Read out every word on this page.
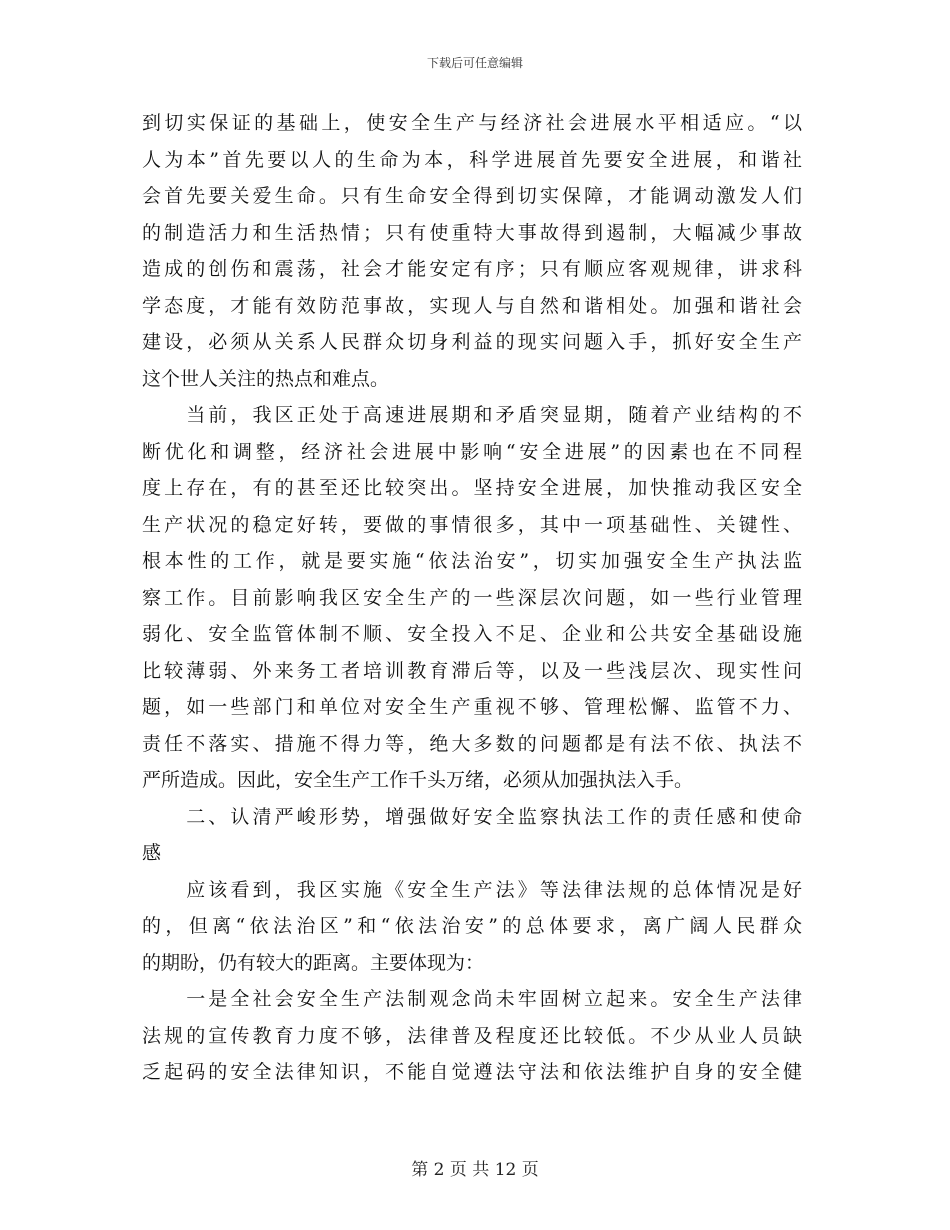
下载后可任意编辑
到切实保证的基础上，使安全生产与经济社会进展水平相适应。“以
人为本”首先要以人的生命为本，科学进展首先要安全进展，和谐社
会首先要关爱生命。只有生命安全得到切实保障，才能调动激发人们
的制造活力和生活热情；只有使重特大事故得到遏制，大幅减少事故
造成的创伤和震荡，社会才能安定有序；只有顺应客观规律，讲求科
学态度，才能有效防范事故，实现人与自然和谐相处。加强和谐社会
建设，必须从关系人民群众切身利益的现实问题入手，抓好安全生产
这个世人关注的热点和难点。
　　当前，我区正处于高速进展期和矛盾突显期，随着产业结构的不
断优化和调整，经济社会进展中影响“安全进展”的因素也在不同程
度上存在，有的甚至还比较突出。坚持安全进展，加快推动我区安全
生产状况的稳定好转，要做的事情很多，其中一项基础性、关键性、
根本性的工作，就是要实施“依法治安”，切实加强安全生产执法监
察工作。目前影响我区安全生产的一些深层次问题，如一些行业管理
弱化、安全监管体制不顺、安全投入不足、企业和公共安全基础设施
比较薄弱、外来务工者培训教育滞后等，以及一些浅层次、现实性问
题，如一些部门和单位对安全生产重视不够、管理松懈、监管不力、
责任不落实、措施不得力等，绝大多数的问题都是有法不依、执法不
严所造成。因此，安全生产工作千头万绪，必须从加强执法入手。
　　二、认清严峻形势，增强做好安全监察执法工作的责任感和使命
感
　　应该看到，我区实施《安全生产法》等法律法规的总体情况是好
的，但离“依法治区”和“依法治安”的总体要求，离广阔人民群众
的期盼，仍有较大的距离。主要体现为：
　　一是全社会安全生产法制观念尚未牢固树立起来。安全生产法律
法规的宣传教育力度不够，法律普及程度还比较低。不少从业人员缺
乏起码的安全法律知识，不能自觉遵法守法和依法维护自身的安全健
第 2 页 共 12 页
